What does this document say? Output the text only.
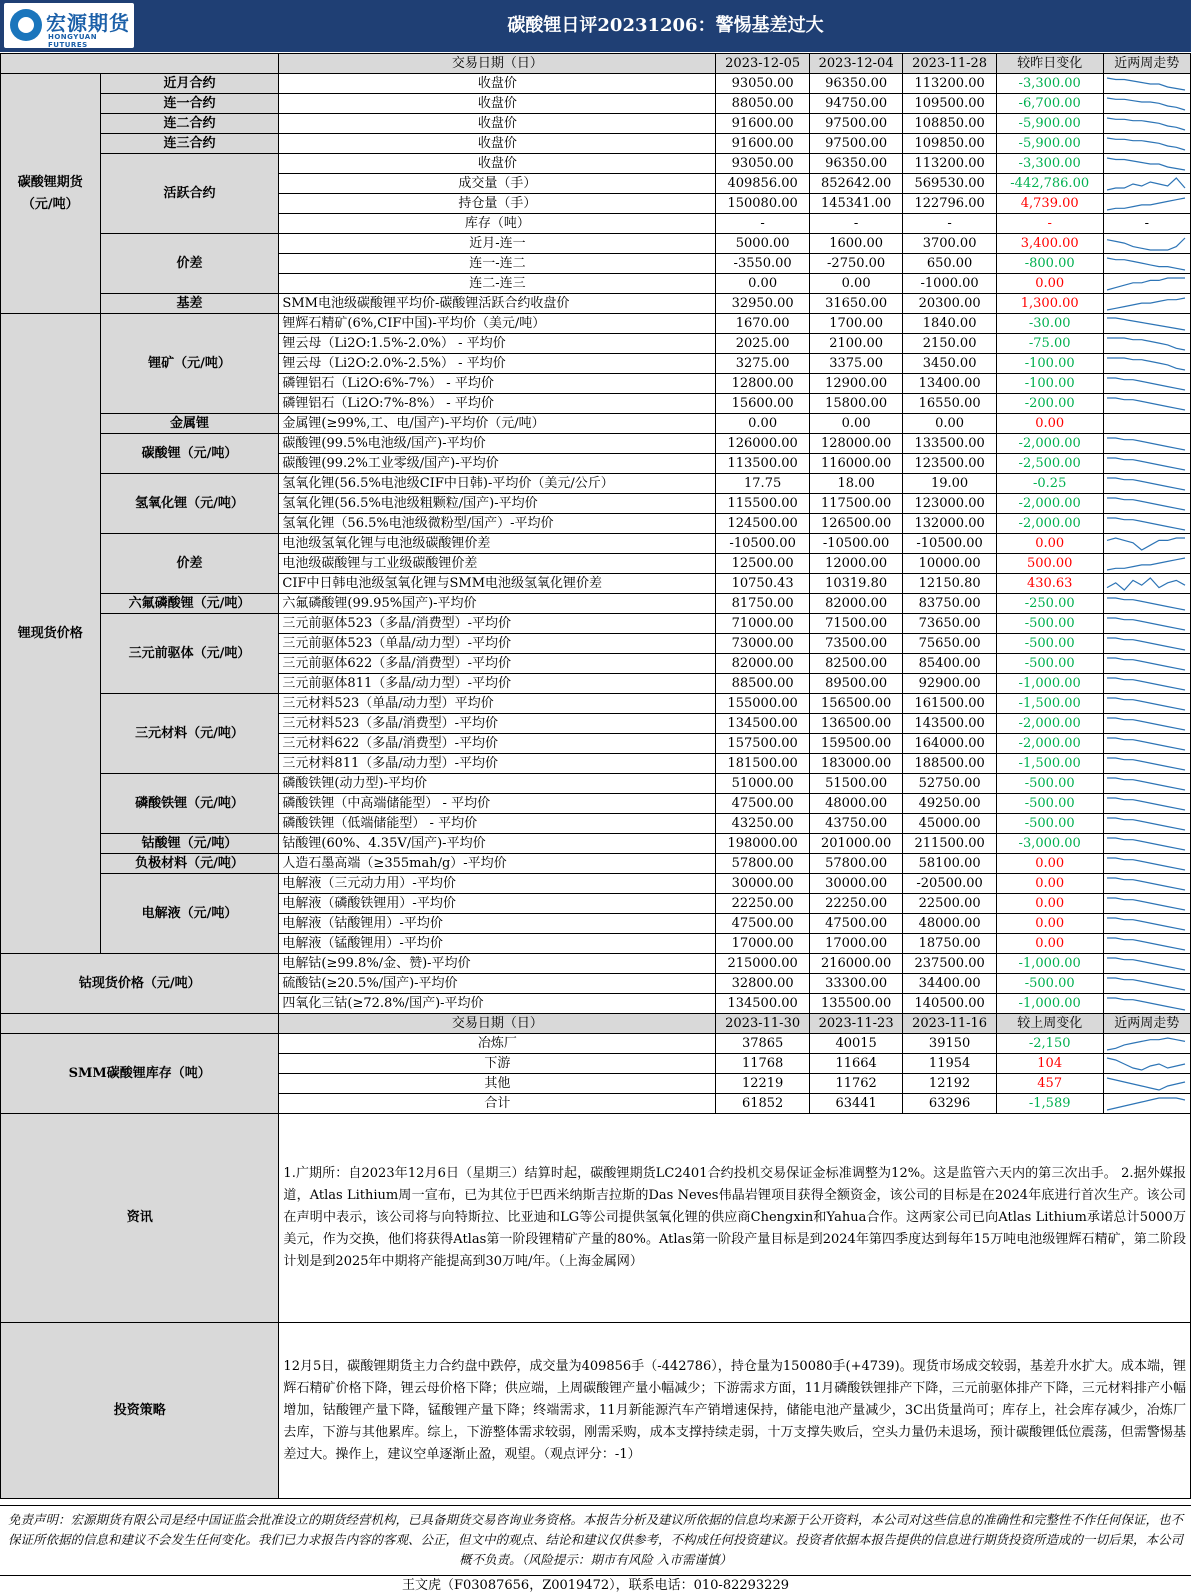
宏源期货
HONGYUAN FUTURES
碳酸锂日评20231206：警惕基差过大
		交易日期（日）	2023-12-05	2023-12-04	2023-11-28	较昨日变化	近两周走势
碳酸锂期货（元/吨）	近月合约	收盘价	93050.00	96350.00	113200.00	-3,300.00	

	连一合约	收盘价	88050.00	94750.00	109500.00	-6,700.00	

	连二合约	收盘价	91600.00	97500.00	108850.00	-5,900.00	

	连三合约	收盘价	91600.00	97500.00	109850.00	-5,900.00	

	活跃合约	收盘价	93050.00	96350.00	113200.00	-3,300.00	

		成交量（手）	409856.00	852642.00	569530.00	-442,786.00	

		持仓量（手）	150080.00	145341.00	122796.00	4,739.00	

		库存（吨）	-	-	-	-	-
	价差	近月-连一	5000.00	1600.00	3700.00	3,400.00	

		连一-连二	-3550.00	-2750.00	650.00	-800.00	

		连二-连三	0.00	0.00	-1000.00	0.00	

	基差	SMM电池级碳酸锂平均价-碳酸锂活跃合约收盘价	32950.00	31650.00	20300.00	1,300.00	

锂现货价格	锂矿（元/吨）	锂辉石精矿(6%,CIF中国)-平均价（美元/吨）	1670.00	1700.00	1840.00	-30.00	

		锂云母（Li2O:1.5%-2.0%） - 平均价	2025.00	2100.00	2150.00	-75.00	

		锂云母（Li2O:2.0%-2.5%） - 平均价	3275.00	3375.00	3450.00	-100.00	

		磷锂铝石（Li2O:6%-7%） - 平均价	12800.00	12900.00	13400.00	-100.00	

		磷锂铝石（Li2O:7%-8%） - 平均价	15600.00	15800.00	16550.00	-200.00	

	金属锂	金属锂(≥99%,工、电/国产)-平均价（元/吨）	0.00	0.00	0.00	0.00	

	碳酸锂（元/吨）	碳酸锂(99.5%电池级/国产)-平均价	126000.00	128000.00	133500.00	-2,000.00	

		碳酸锂(99.2%工业零级/国产)-平均价	113500.00	116000.00	123500.00	-2,500.00	

	氢氧化锂（元/吨）	氢氧化锂(56.5%电池级CIF中日韩)-平均价（美元/公斤）	17.75	18.00	19.00	-0.25	

		氢氧化锂(56.5%电池级粗颗粒/国产)-平均价	115500.00	117500.00	123000.00	-2,000.00	

		氢氧化锂（56.5%电池级微粉型/国产）-平均价	124500.00	126500.00	132000.00	-2,000.00	

	价差	电池级氢氧化锂与电池级碳酸锂价差	-10500.00	-10500.00	-10500.00	0.00	

		电池级碳酸锂与工业级碳酸锂价差	12500.00	12000.00	10000.00	500.00	

		CIF中日韩电池级氢氧化锂与SMM电池级氢氧化锂价差	10750.43	10319.80	12150.80	430.63	

	六氟磷酸锂（元/吨）	六氟磷酸锂(99.95%国产)-平均价	81750.00	82000.00	83750.00	-250.00	

	三元前驱体（元/吨）	三元前驱体523（多晶/消费型）-平均价	71000.00	71500.00	73650.00	-500.00	

		三元前驱体523（单晶/动力型）-平均价	73000.00	73500.00	75650.00	-500.00	

		三元前驱体622（多晶/消费型）-平均价	82000.00	82500.00	85400.00	-500.00	

		三元前驱体811（多晶/动力型）-平均价	88500.00	89500.00	92900.00	-1,000.00	

	三元材料（元/吨）	三元材料523（单晶/动力型）平均价	155000.00	156500.00	161500.00	-1,500.00	

		三元材料523（多晶/消费型）-平均价	134500.00	136500.00	143500.00	-2,000.00	

		三元材料622（多晶/消费型）-平均价	157500.00	159500.00	164000.00	-2,000.00	

		三元材料811（多晶/动力型）-平均价	181500.00	183000.00	188500.00	-1,500.00	

	磷酸铁锂（元/吨）	磷酸铁锂(动力型)-平均价	51000.00	51500.00	52750.00	-500.00	

		磷酸铁锂（中高端储能型） - 平均价	47500.00	48000.00	49250.00	-500.00	

		磷酸铁锂（低端储能型） - 平均价	43250.00	43750.00	45000.00	-500.00	

	钴酸锂（元/吨）	钴酸锂(60%、4.35V/国产)-平均价	198000.00	201000.00	211500.00	-3,000.00	

	负极材料（元/吨）	人造石墨高端（≥355mah/g）-平均价	57800.00	57800.00	58100.00	0.00	

	电解液（元/吨）	电解液（三元动力用）-平均价	30000.00	30000.00	-20500.00	0.00	

		电解液（磷酸铁锂用）-平均价	22250.00	22250.00	22500.00	0.00	

		电解液（钴酸锂用）-平均价	47500.00	47500.00	48000.00	0.00	

		电解液（锰酸锂用）-平均价	17000.00	17000.00	18750.00	0.00	

钴现货价格（元/吨）		电解钴(≥99.8%/金、赞)-平均价	215000.00	216000.00	237500.00	-1,000.00	

		硫酸钴(≥20.5%/国产)-平均价	32800.00	33300.00	34400.00	-500.00	

		四氧化三钴(≥72.8%/国产)-平均价	134500.00	135500.00	140500.00	-1,000.00	

		交易日期（日）	2023-11-30	2023-11-23	2023-11-16	较上周变化	近两周走势
SMM碳酸锂库存（吨）		冶炼厂	37865	40015	39150	-2,150	

		下游	11768	11664	11954	104	

		其他	12219	11762	12192	457	

		合计	61852	63441	63296	-1,589	

资讯		1.广期所：自2023年12月6日（星期三）结算时起，碳酸锂期货LC2401合约投机交易保证金标准调整为12%。这是监管六天内的第三次出手。 2.据外媒报道，Atlas Lithium周一宣布，已为其位于巴西米纳斯吉拉斯的Das Neves伟晶岩锂项目获得全额资金，该公司的目标是在2024年底进行首次生产。该公司在声明中表示，该公司将与向特斯拉、比亚迪和LG等公司提供氢氧化锂的供应商Chengxin和Yahua合作。这两家公司已向Atlas Lithium承诺总计5000万美元，作为交换，他们将获得Atlas第一阶段锂精矿产量的80%。Atlas第一阶段产量目标是到2024年第四季度达到每年15万吨电池级锂辉石精矿，第二阶段计划是到2025年中期将产能提高到30万吨/年。（上海金属网）					
投资策略		12月5日，碳酸锂期货主力合约盘中跌停，成交量为409856手（-442786），持仓量为150080手(+4739)。现货市场成交较弱，基差升水扩大。成本端，锂辉石精矿价格下降，锂云母价格下降；供应端，上周碳酸锂产量小幅减少；下游需求方面，11月磷酸铁锂排产下降，三元前驱体排产下降，三元材料排产小幅增加，钴酸锂产量下降，锰酸锂产量下降；终端需求，11月新能源汽车产销增速保持，储能电池产量减少，3C出货量尚可；库存上，社会库存减少，冶炼厂去库，下游与其他累库。综上，下游整体需求较弱，刚需采购，成本支撑持续走弱，十万支撑失败后，空头力量仍未退场，预计碳酸锂低位震荡，但需警惕基差过大。操作上，建议空单逐渐止盈，观望。（观点评分：-1）					
免责声明：宏源期货有限公司是经中国证监会批准设立的期货经营机构，已具备期货交易咨询业务资格。本报告分析及建议所依据的信息均来源于公开资料，本公司对这些信息的准确性和完整性不作任何保证，也不保证所依据的信息和建议不会发生任何变化。我们已力求报告内容的客观、公正，但文中的观点、结论和建议仅供参考，不构成任何投资建议。投资者依据本报告提供的信息进行期货投资所造成的一切后果，本公司概不负责。（风险提示：期市有风险 入市需谨慎）
王文虎（F03087656，Z0019472），联系电话：010-82293229
